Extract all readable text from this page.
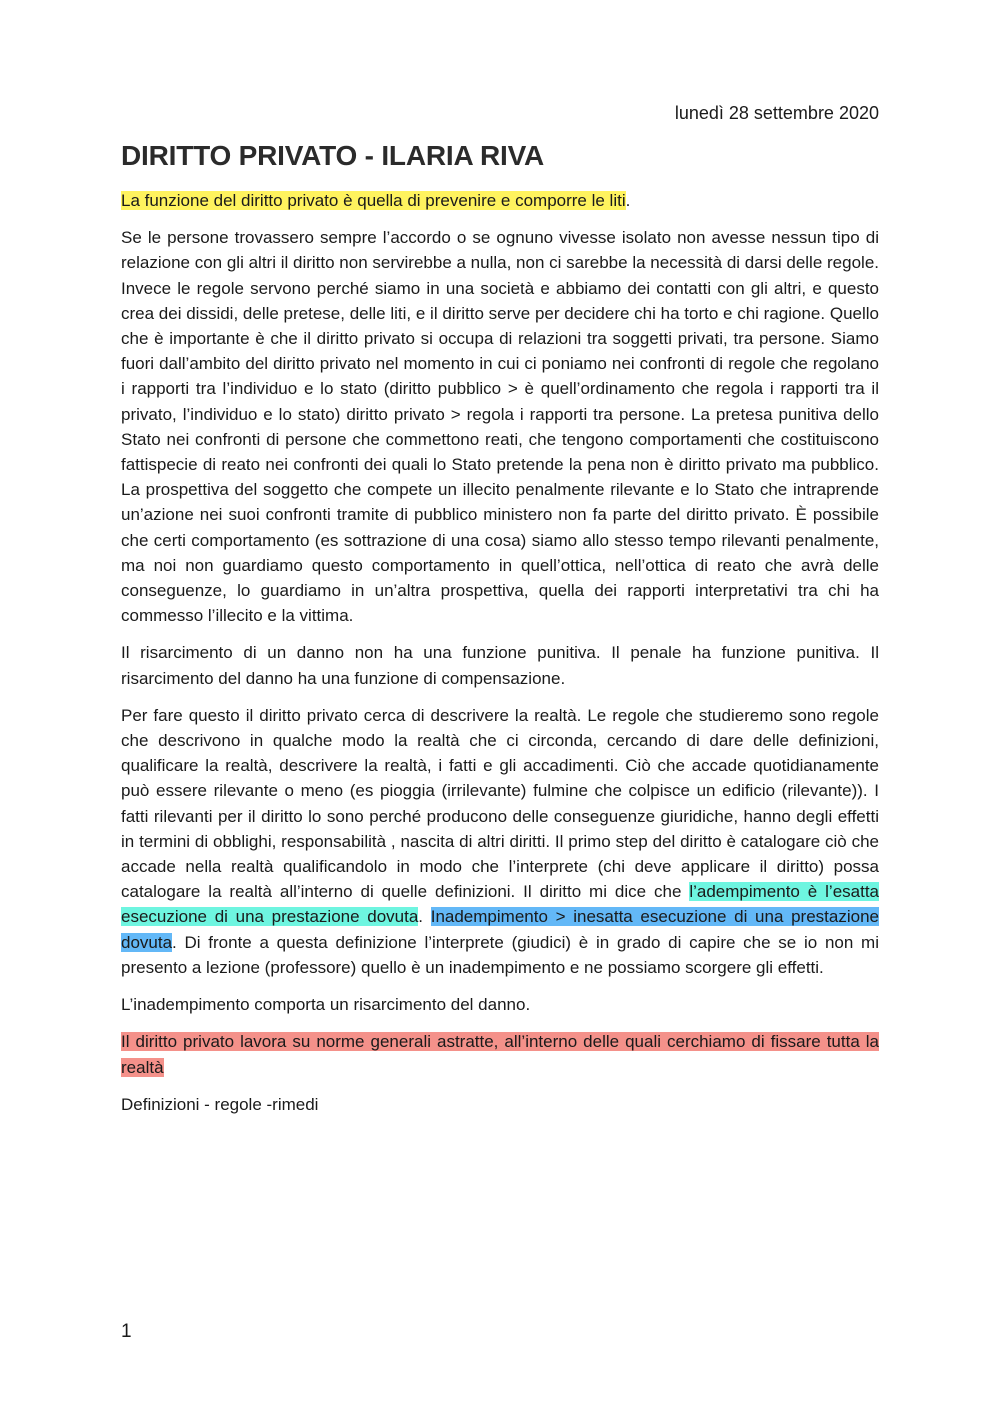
lunedì 28 settembre 2020
DIRITTO PRIVATO - ILARIA RIVA

La funzione del diritto privato è quella di prevenire e comporre le liti.

Se le persone trovassero sempre l’accordo o se ognuno vivesse isolato non avesse nessun tipo di relazione con gli altri il diritto non servirebbe a nulla, non ci sarebbe la necessità di darsi delle regole. Invece le regole servono perché siamo in una società e abbiamo dei contatti con gli altri, e questo crea dei dissidi, delle pretese, delle liti, e il diritto serve per decidere chi ha torto e chi ragione. Quello che è importante è che il diritto privato si occupa di relazioni tra soggetti privati, tra persone. Siamo fuori dall’ambito del diritto privato nel momento in cui ci poniamo nei confronti di regole che regolano i rapporti tra l’individuo e lo stato (diritto pubblico > è quell’ordinamento che regola i rapporti tra il privato, l’individuo e lo stato) diritto privato > regola i rapporti tra persone. La pretesa punitiva dello Stato nei confronti di persone che commettono reati, che tengono comportamenti che costituiscono fattispecie di reato nei confronti dei quali lo Stato pretende la pena non è diritto privato ma pubblico. La prospettiva del soggetto che compete un illecito penalmente rilevante e lo Stato che intraprende un’azione nei suoi confronti tramite di pubblico ministero non fa parte del diritto privato. È possibile che certi comportamento (es sottrazione di una cosa) siamo allo stesso tempo rilevanti penalmente, ma noi non guardiamo questo comportamento in quell’ottica, nell’ottica di reato che avrà delle conseguenze, lo guardiamo in un’altra prospettiva, quella dei rapporti interpretativi tra chi ha commesso l’illecito e la vittima.

Il risarcimento di un danno non ha una funzione punitiva. Il penale ha funzione punitiva. Il risarcimento del danno ha una funzione di compensazione.

Per fare questo il diritto privato cerca di descrivere la realtà. Le regole che studieremo sono regole che descrivono in qualche modo la realtà che ci circonda, cercando di dare delle definizioni, qualificare la realtà, descrivere la realtà, i fatti e gli accadimenti. Ciò che accade quotidianamente può essere rilevante o meno (es pioggia (irrilevante) fulmine che colpisce un edificio (rilevante)). I fatti rilevanti per il diritto lo sono perché producono delle conseguenze giuridiche, hanno degli effetti in termini di obblighi, responsabilità , nascita di altri diritti. Il primo step del diritto è catalogare ciò che accade nella realtà qualificandolo in modo che l’interprete (chi deve applicare il diritto) possa catalogare la realtà all’interno di quelle definizioni. Il diritto mi dice che l’adempimento è l’esatta esecuzione di una prestazione dovuta. Inadempimento > inesatta esecuzione di una prestazione dovuta. Di fronte a questa definizione l’interprete (giudici) è in grado di capire che se io non mi presento a lezione (professore) quello è un inadempimento e ne possiamo scorgere gli effetti.

L’inadempimento comporta un risarcimento del danno.

Il diritto privato lavora su norme generali astratte, all’interno delle quali cerchiamo di fissare tutta la realtà

Definizioni - regole -rimedi

1
